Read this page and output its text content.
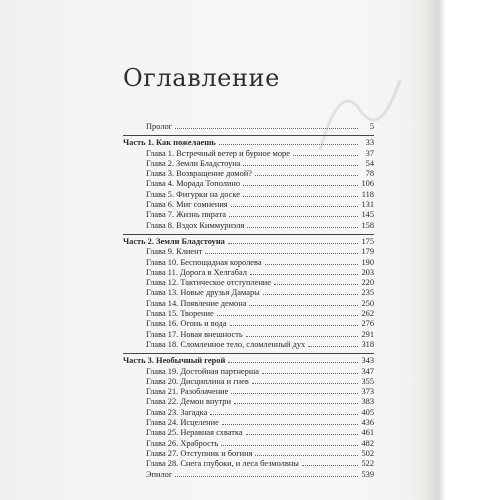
Оглавление
Пролог	5
Часть 1. Как пожелаешь	33
Глава 1. Встречный ветер и бурное море	37
Глава 2. Земли Бладстоуна	54
Глава 3. Возвращение домой?	78
Глава 4. Морада Тополино	106
Глава 5. Фигурки на доске	118
Глава 6. Миг сомнения	131
Глава 7. Жизнь пирата	145
Глава 8. Вздох Киммуриэля	158
Часть 2. Земли Бладстоуна	175
Глава 9. Клиент	179
Глава 10. Беспощадная королева	190
Глава 11. Дорога в Хелгабал	203
Глава 12. Тактическое отступление	220
Глава 13. Новые друзья Дамары	235
Глава 14. Появление демона	250
Глава 15. Творение	262
Глава 16. Огонь и вода	276
Глава 17. Новая внешность	291
Глава 18. Сломленное тело, сломленный дух	318
Часть 3. Необычный герой	343
Глава 19. Достойная партнерша	347
Глава 20. Дисциплина и гнев	355
Глава 21. Разоблачение	373
Глава 22. Демон внутри	383
Глава 23. Загадка	405
Глава 24. Исцеление	436
Глава 25. Неравная схватка	461
Глава 26. Храбрость	482
Глава 27. Отступник и богиня	502
Глава 28. Снега глубоки, и леса безмолвны	522
Эпилог	539
